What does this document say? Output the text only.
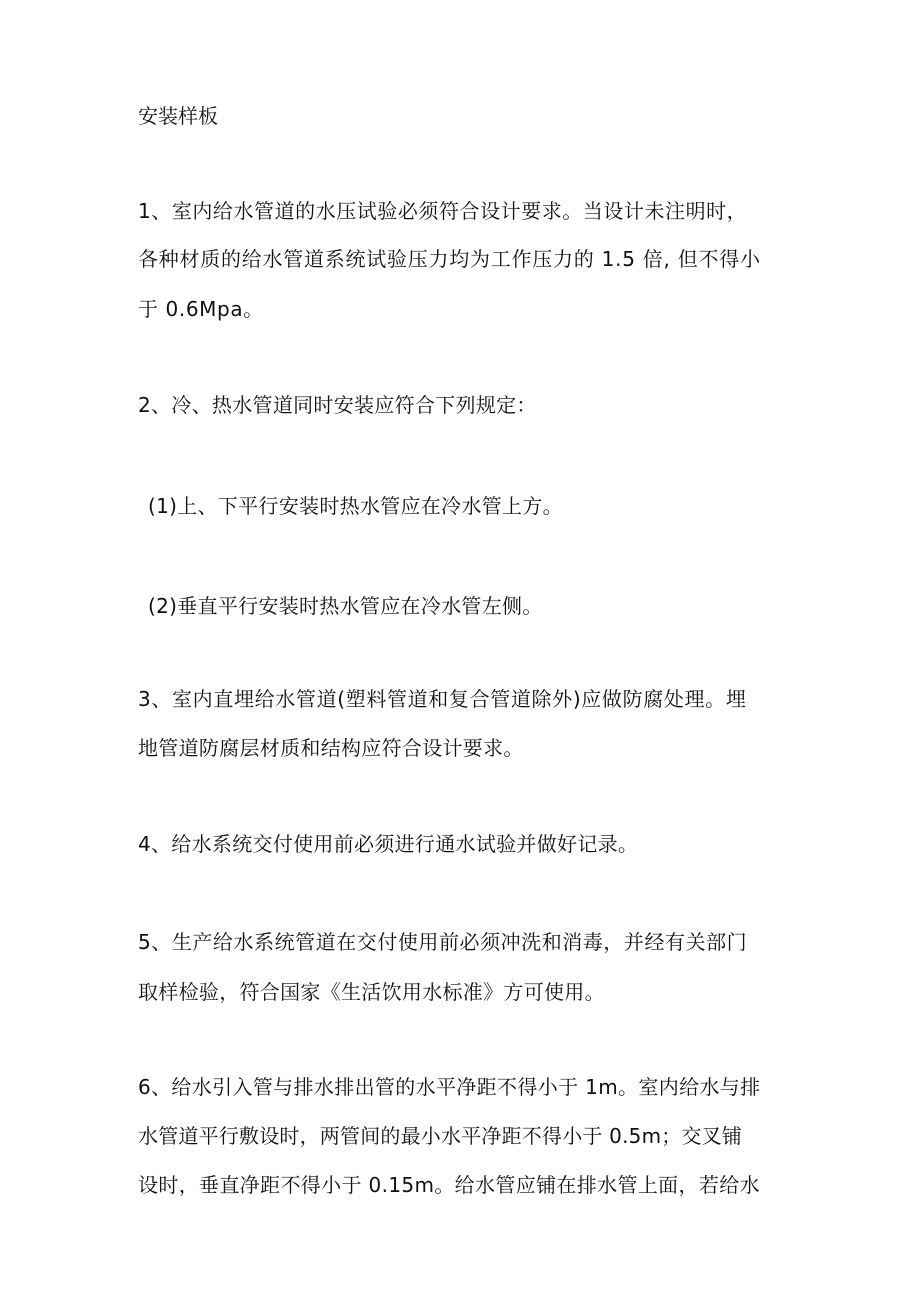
安装样板

1、室内给水管道的水压试验必须符合设计要求。当设计未注明时，

各种材质的给水管道系统试验压力均为工作压力的 1.5 倍, 但不得小

于 0.6Mpa。

2、冷、热水管道同时安装应符合下列规定：

(1)上、下平行安装时热水管应在冷水管上方。

(2)垂直平行安装时热水管应在冷水管左侧。

3、室内直埋给水管道(塑料管道和复合管道除外)应做防腐处理。埋

地管道防腐层材质和结构应符合设计要求。

4、给水系统交付使用前必须进行通水试验并做好记录。

5、生产给水系统管道在交付使用前必须冲洗和消毒，并经有关部门

取样检验，符合国家《生活饮用水标准》方可使用。

6、给水引入管与排水排出管的水平净距不得小于 1m。室内给水与排

水管道平行敷设时，两管间的最小水平净距不得小于 0.5m；交叉铺

设时，垂直净距不得小于 0.15m。给水管应铺在排水管上面，若给水
